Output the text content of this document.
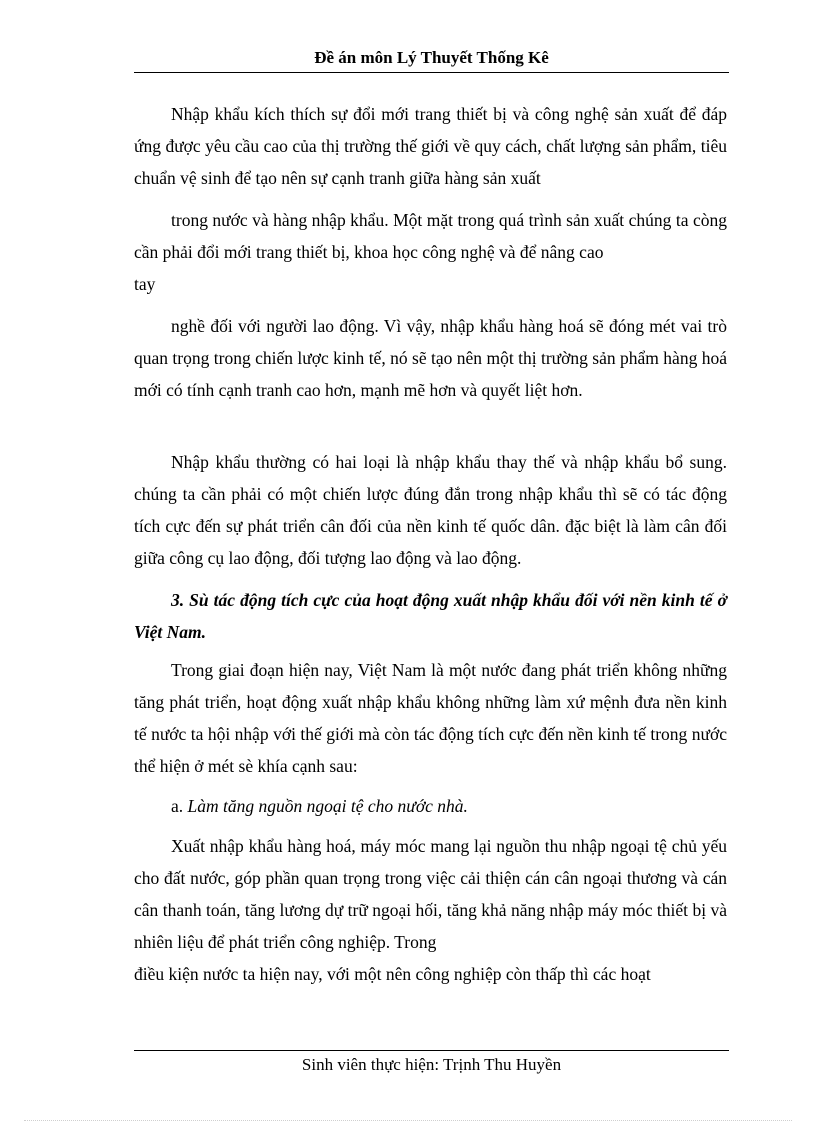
Đề án môn Lý Thuyết Thống Kê

Nhập khẩu kích thích sự đổi mới trang thiết bị và công nghệ sản xuất để đáp ứng được yêu cầu cao của thị trường thế giới về quy cách, chất lượng sản phẩm, tiêu chuẩn vệ sinh để tạo nên sự cạnh tranh giữa hàng sản xuất

trong nước và hàng nhập khẩu. Một mặt trong quá trình sản xuất chúng ta còng cần phải đổi mới trang thiết bị, khoa học công nghệ và để nâng cao

tay

nghề đối với người lao động. Vì vậy, nhập khẩu hàng hoá sẽ đóng mét vai trò quan trọng trong chiến lược kinh tế, nó sẽ tạo nên một thị trường sản phẩm hàng hoá mới có tính cạnh tranh cao hơn, mạnh mẽ hơn và quyết liệt hơn.

Nhập khẩu thường có hai loại là nhập khẩu thay thế và nhập khẩu bổ sung. chúng ta cần phải có một chiến lược đúng đắn trong nhập khẩu thì sẽ có tác động tích cực đến sự phát triển cân đối của nền kinh tế quốc dân. đặc biệt là làm cân đối giữa công cụ lao động, đối tượng lao động và lao động.

3. Sù tác động tích cực của hoạt động xuất nhập khẩu đối với nền kinh tế ở Việt Nam.

Trong giai đoạn hiện nay, Việt Nam là một nước đang phát triển không những tăng phát triển, hoạt động xuất nhập khẩu không những làm xứ mệnh đưa nền kinh tế nước ta hội nhập với thế giới mà còn tác động tích cực đến nền kinh tế trong nước thể hiện ở mét sè khía cạnh sau:

a. Làm tăng nguồn ngoại tệ cho nước nhà.

Xuất nhập khẩu hàng hoá, máy móc mang lại nguồn thu nhập ngoại tệ chủ yếu cho đất nước, góp phần quan trọng trong việc cải thiện cán cân ngoại thương và cán cân thanh toán, tăng lương dự trữ ngoại hối, tăng khả năng nhập máy móc thiết bị và nhiên liệu để phát triển công nghiệp. Trong

điều kiện nước ta hiện nay, với một nên công nghiệp còn thấp thì các hoạt

Sinh viên thực hiện: Trịnh Thu Huyền
